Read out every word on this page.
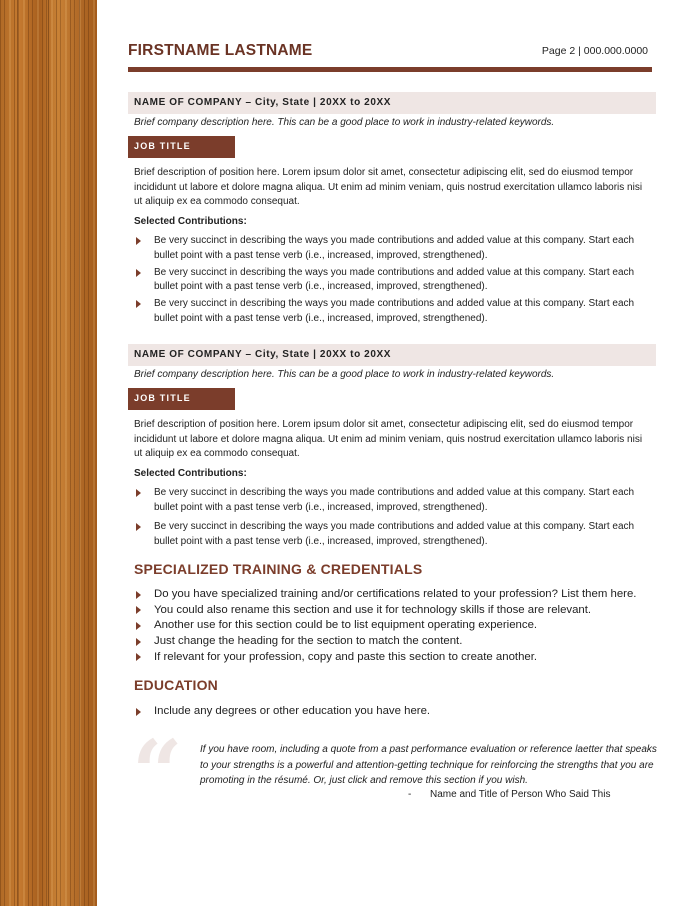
FIRSTNAME LASTNAME	Page 2 | 000.000.0000
NAME OF COMPANY – City, State | 20XX to 20XX
Brief company description here. This can be a good place to work in industry-related keywords.
JOB TITLE
Brief description of position here. Lorem ipsum dolor sit amet, consectetur adipiscing elit, sed do eiusmod tempor incididunt ut labore et dolore magna aliqua. Ut enim ad minim veniam, quis nostrud exercitation ullamco laboris nisi ut aliquip ex ea commodo consequat.
Selected Contributions:
Be very succinct in describing the ways you made contributions and added value at this company. Start each bullet point with a past tense verb (i.e., increased, improved, strengthened).
Be very succinct in describing the ways you made contributions and added value at this company. Start each bullet point with a past tense verb (i.e., increased, improved, strengthened).
Be very succinct in describing the ways you made contributions and added value at this company. Start each bullet point with a past tense verb (i.e., increased, improved, strengthened).
NAME OF COMPANY – City, State | 20XX to 20XX
Brief company description here. This can be a good place to work in industry-related keywords.
JOB TITLE
Brief description of position here. Lorem ipsum dolor sit amet, consectetur adipiscing elit, sed do eiusmod tempor incididunt ut labore et dolore magna aliqua. Ut enim ad minim veniam, quis nostrud exercitation ullamco laboris nisi ut aliquip ex ea commodo consequat.
Selected Contributions:
Be very succinct in describing the ways you made contributions and added value at this company. Start each bullet point with a past tense verb (i.e., increased, improved, strengthened).
Be very succinct in describing the ways you made contributions and added value at this company. Start each bullet point with a past tense verb (i.e., increased, improved, strengthened).
SPECIALIZED TRAINING & CREDENTIALS
Do you have specialized training and/or certifications related to your profession? List them here.
You could also rename this section and use it for technology skills if those are relevant.
Another use for this section could be to list equipment operating experience.
Just change the heading for the section to match the content.
If relevant for your profession, copy and paste this section to create another.
EDUCATION
Include any degrees or other education you have here.
“ If you have room, including a quote from a past performance evaluation or reference laetter that speaks to your strengths is a powerful and attention-getting technique for reinforcing the strengths that you are promoting in the résumé. Or, just click and remove this section if you wish.
- Name and Title of Person Who Said This
